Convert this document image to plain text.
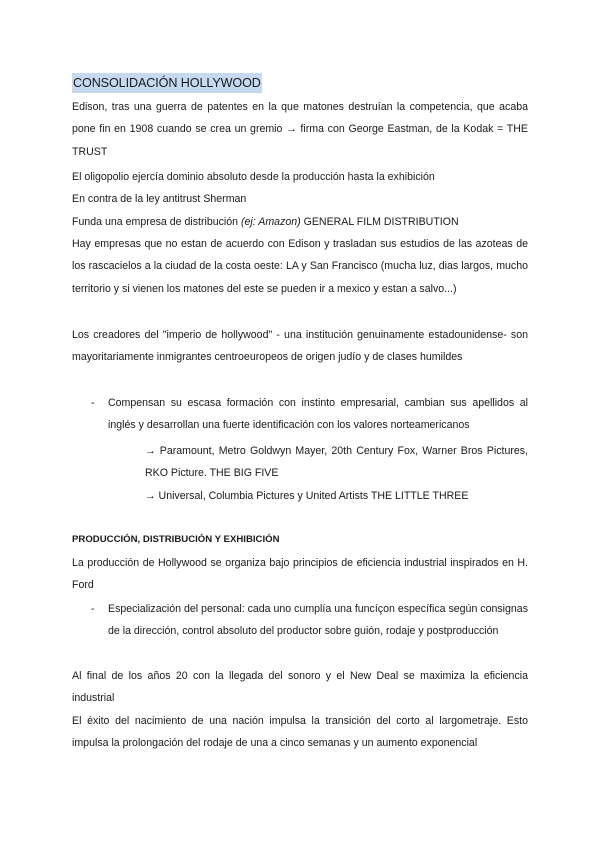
CONSOLIDACIÓN HOLLYWOOD

Edison, tras una guerra de patentes en la que matones destruían la competencia, que acaba pone fin en 1908 cuando se crea un gremio → firma con George Eastman, de la Kodak = THE TRUST

El oligopolio ejercía dominio absoluto desde la producción hasta la exhibición

En contra de la ley antitrust Sherman

Funda una empresa de distribución (ej: Amazon) GENERAL FILM DISTRIBUTION

Hay empresas que no estan de acuerdo con Edison y trasladan sus estudios de las azoteas de los rascacielos a la ciudad de la costa oeste: LA y San Francisco (mucha luz, dias largos, mucho territorio y si vienen los matones del este se pueden ir a mexico y estan a salvo...)

Los creadores del "imperio de hollywood" - una institución genuinamente estadounidense- son mayoritariamente inmigrantes centroeuropeos de origen judío y de clases humildes

- Compensan su escasa formación con instinto empresarial, cambian sus apellidos al inglés y desarrollan una fuerte identificación con los valores norteamericanos

→ Paramount, Metro Goldwyn Mayer, 20th Century Fox, Warner Bros Pictures, RKO Picture. THE BIG FIVE

→ Universal, Columbia Pictures y United Artists THE LITTLE THREE

PRODUCCIÓN, DISTRIBUCIÓN Y EXHIBICIÓN

La producción de Hollywood se organiza bajo principios de eficiencia industrial inspirados en H. Ford

- Especialización del personal: cada uno cumplía una funcíçon específica según consignas de la dirección, control absoluto del productor sobre guión, rodaje y postproducción

Al final de los años 20 con la llegada del sonoro y el New Deal se maximiza la eficiencia industrial

El éxito del nacimiento de una nación impulsa la transición del corto al largometraje. Esto impulsa la prolongación del rodaje de una a cinco semanas y un aumento exponencial
